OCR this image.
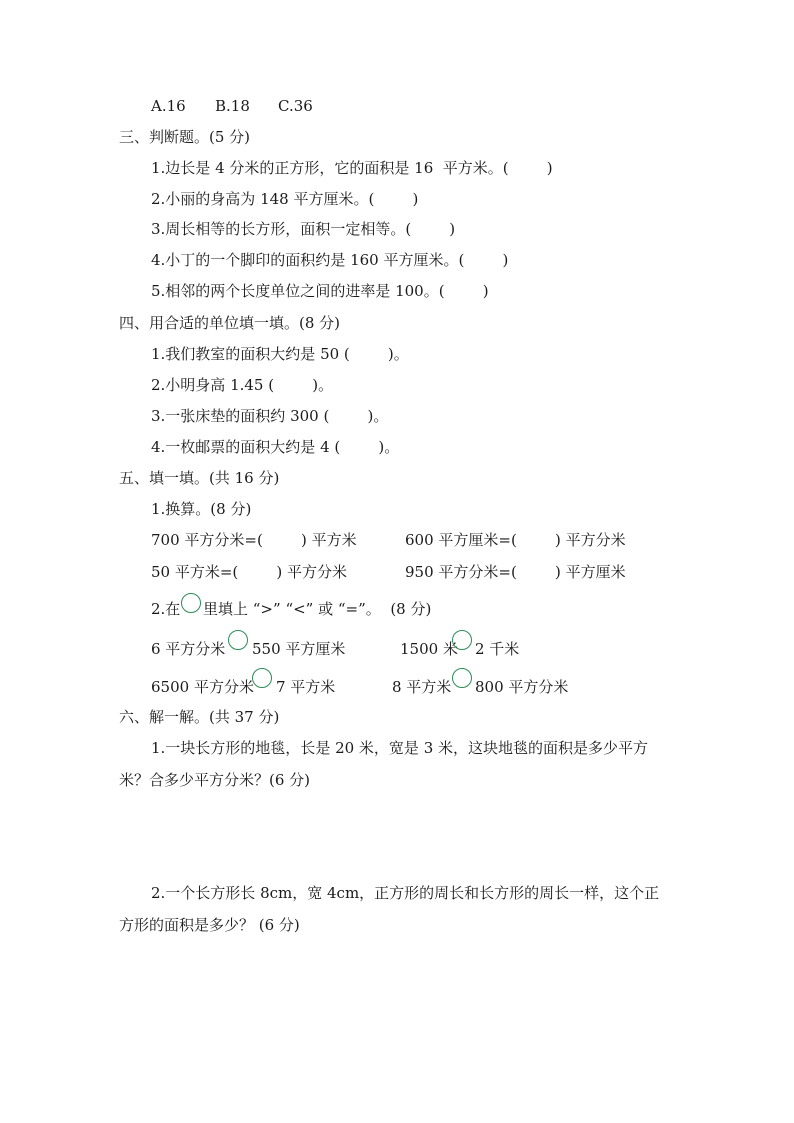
A.16 B.18 C.36
三、判断题。(5 分)
1.边长是 4 分米的正方形，它的面积是 16  平方米。(        )
2.小丽的身高为 148 平方厘米。(        )
3.周长相等的长方形，面积一定相等。(        )
4.小丁的一个脚印的面积约是 160 平方厘米。(        )
5.相邻的两个长度单位之间的进率是 100。(        )
四、用合适的单位填一填。(8 分)
1.我们教室的面积大约是 50 (        )。
2.小明身高 1.45 (        )。
3.一张床垫的面积约 300 (        )。
4.一枚邮票的面积大约是 4 (        )。
五、填一填。(共 16 分)
1.换算。(8 分)
700 平方分米=(        ) 平方米	600 平方厘米=(        ) 平方分米
50 平方米=(        ) 平方分米	950 平方分米=(        ) 平方厘米
2.在 里填上 “>” “<” 或 “=”。  (8 分)
6 平方分米 550 平方厘米	1500 米 2 千米
6500 平方分米 7 平方米	8 平方米 800 平方分米
六、解一解。(共 37 分)
1.一块长方形的地毯，长是 20 米，宽是 3 米，这块地毯的面积是多少平方
米？合多少平方分米？(6 分)
2.一个长方形长 8cm，宽 4cm，正方形的周长和长方形的周长一样，这个正
方形的面积是多少？ (6 分)
